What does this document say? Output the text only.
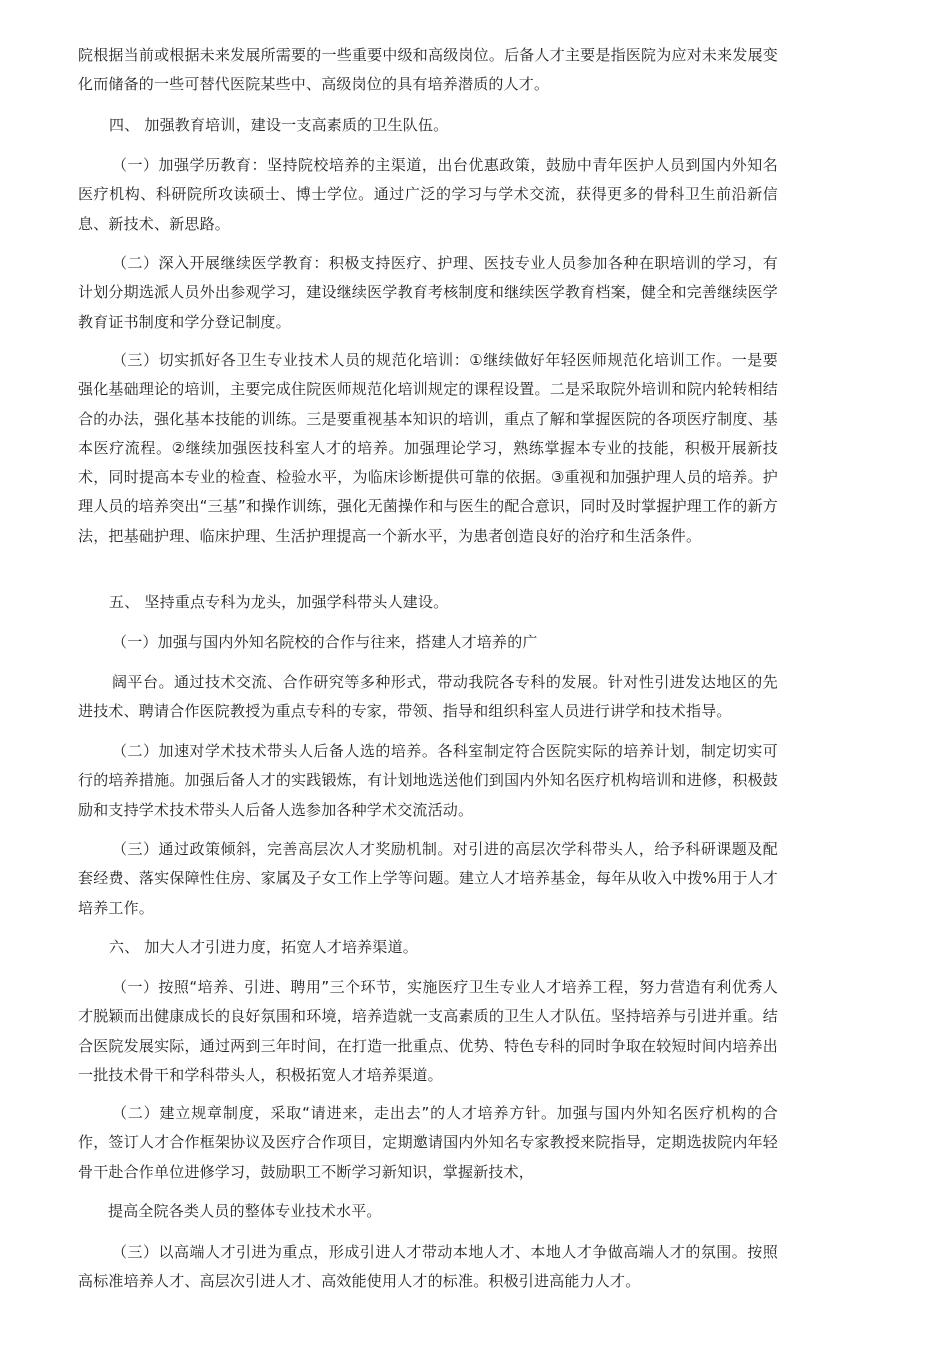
院根据当前或根据未来发展所需要的一些重要中级和高级岗位。后备人才主要是指医院为应对未来发展变化而储备的一些可替代医院某些中、高级岗位的具有培养潜质的人才。

四、 加强教育培训，建设一支高素质的卫生队伍。

（一）加强学历教育：坚持院校培养的主渠道，出台优惠政策，鼓励中青年医护人员到国内外知名医疗机构、科研院所攻读硕士、博士学位。通过广泛的学习与学术交流，获得更多的骨科卫生前沿新信息、新技术、新思路。

（二）深入开展继续医学教育：积极支持医疗、护理、医技专业人员参加各种在职培训的学习，有计划分期选派人员外出参观学习，建设继续医学教育考核制度和继续医学教育档案，健全和完善继续医学教育证书制度和学分登记制度。

（三）切实抓好各卫生专业技术人员的规范化培训：①继续做好年轻医师规范化培训工作。一是要强化基础理论的培训，主要完成住院医师规范化培训规定的课程设置。二是采取院外培训和院内轮转相结合的办法，强化基本技能的训练。三是要重视基本知识的培训，重点了解和掌握医院的各项医疗制度、基本医疗流程。②继续加强医技科室人才的培养。加强理论学习，熟练掌握本专业的技能，积极开展新技术，同时提高本专业的检查、检验水平，为临床诊断提供可靠的依据。③重视和加强护理人员的培养。护理人员的培养突出“三基”和操作训练，强化无菌操作和与医生的配合意识，同时及时掌握护理工作的新方法，把基础护理、临床护理、生活护理提高一个新水平，为患者创造良好的治疗和生活条件。

五、 坚持重点专科为龙头，加强学科带头人建设。

（一）加强与国内外知名院校的合作与往来，搭建人才培养的广

阔平台。通过技术交流、合作研究等多种形式，带动我院各专科的发展。针对性引进发达地区的先进技术、聘请合作医院教授为重点专科的专家，带领、指导和组织科室人员进行讲学和技术指导。

（二）加速对学术技术带头人后备人选的培养。各科室制定符合医院实际的培养计划，制定切实可行的培养措施。加强后备人才的实践锻炼，有计划地选送他们到国内外知名医疗机构培训和进修，积极鼓励和支持学术技术带头人后备人选参加各种学术交流活动。

（三）通过政策倾斜，完善高层次人才奖励机制。对引进的高层次学科带头人，给予科研课题及配套经费、落实保障性住房、家属及子女工作上学等问题。建立人才培养基金，每年从收入中拨%用于人才培养工作。

六、 加大人才引进力度，拓宽人才培养渠道。

（一）按照“培养、引进、聘用”三个环节，实施医疗卫生专业人才培养工程，努力营造有利优秀人才脱颖而出健康成长的良好氛围和环境，培养造就一支高素质的卫生人才队伍。坚持培养与引进并重。结合医院发展实际，通过两到三年时间，在打造一批重点、优势、特色专科的同时争取在较短时间内培养出一批技术骨干和学科带头人，积极拓宽人才培养渠道。

（二）建立规章制度，采取“请进来，走出去”的人才培养方针。加强与国内外知名医疗机构的合作，签订人才合作框架协议及医疗合作项目，定期邀请国内外知名专家教授来院指导，定期选拔院内年轻骨干赴合作单位进修学习，鼓励职工不断学习新知识，掌握新技术，

提高全院各类人员的整体专业技术水平。

（三）以高端人才引进为重点，形成引进人才带动本地人才、本地人才争做高端人才的氛围。按照高标准培养人才、高层次引进人才、高效能使用人才的标准。积极引进高能力人才。
